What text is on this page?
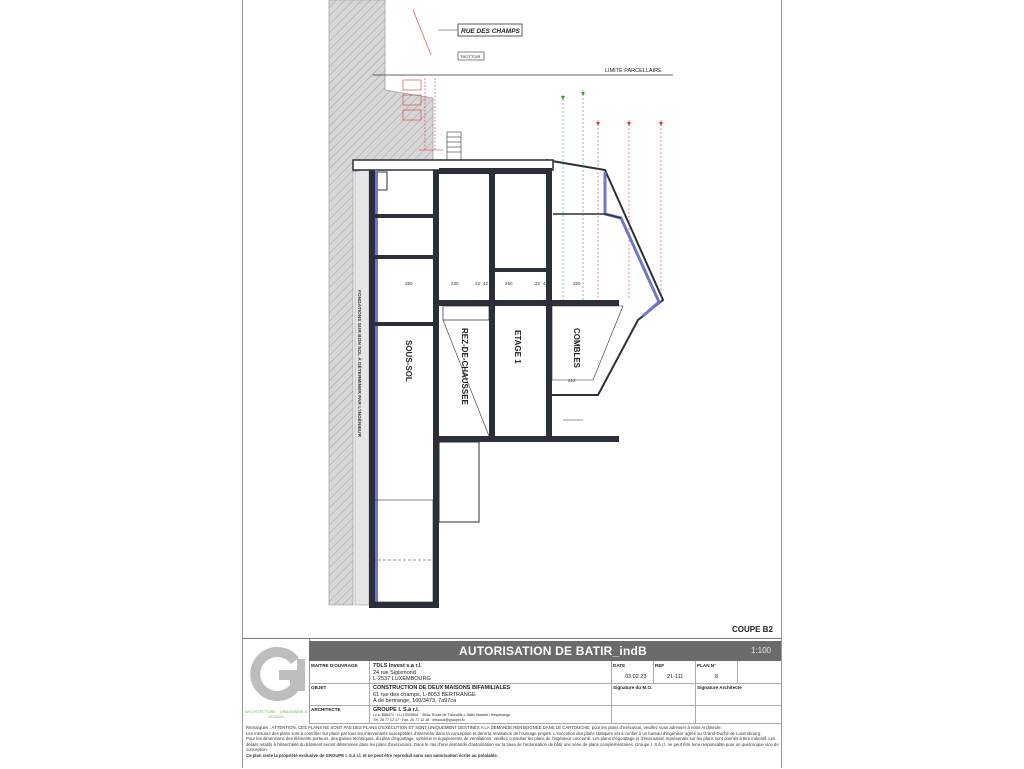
LIMITE PARCELLAIRE
RUE DES CHAMPS
TROTTOIR
250	230	22 42	250	22 42	250
212
SOUS-SOL	REZ-DE-CHAUSSEE	ETAGE 1	COMBLES
FONDATIONS SUR BON SOL À DÉTERMINER PAR L'INGÉNIEUR
COUPE B2
ARCHITECTURE · URBANISME & DESIGN
AUTORISATION DE BATIR_indB	1:100
MAITRE D'OUVRAGE	TDLS Invest s.a r.l.
24 rue Sigismond
L-2537 LUXEMBOURG
DATE
03.02.23
REF
21-111
PLAN N°
8
OBJET	CONSTRUCTION DE DEUX MAISONS BIFAMILIALES
61 rue des champs, L-8053 BERTRANGE
A de bertrange, 160/3473, 7a97ca
Signature du M.O.	Signature Architecte
ARCHITECTE	GROUPE I. S.à r.l.
r.c.s. B86471 · LU 19309901 · 304a, Route de Thionville L-5884 Howald / Hesperange
Tél. 26 77 12 17 · Fax. 26 77 12 18 · inbound@groupei.lu
Remarques : ATTENTION, CES PLANS NE SONT PAS DES PLANS D'EXÉCUTION ET SONT UNIQUEMENT DESTINÉS A LA DEMANDE RENSEIGNÉE DANS LE CARTOUCHE, pour les plans d'exécution, veuillez vous adresser à votre Architecte.
Les mesures des plans sont à contrôler sur place par tous les intervenants susceptibles d'intervenir dans la conception et dans la réalisation de l'ouvrage projeté. L'exécution des plans statiques est à confier à un bureau d'ingénieur agréé au Grand-Duché de Luxembourg.
Pour les dimensions des éléments porteurs, des gaines techniques, du plan d'égouttage, système et équipements de ventilations, veuillez consulter les plans de l'ingénieur concerné. Les plans d'égouttage et d'évacuation représentés sur les plans sont donnés à titre indicatif. Les détails relatifs à l'étanchéité du bâtiment seront déterminés dans les plans d'exécutions. Dans le cas d'une demande d'autorisation sur la base de l'autorisation de bâtir une série de plans complémentaires. Groupe I. S.à r.l. ne peut être tenu responsable pour un quelconque vice de conception.
Ce plan reste la propriété exclusive de GROUPE I. S.à r.l. et ne peut être reproduit sans son autorisation écrite au préalable.
